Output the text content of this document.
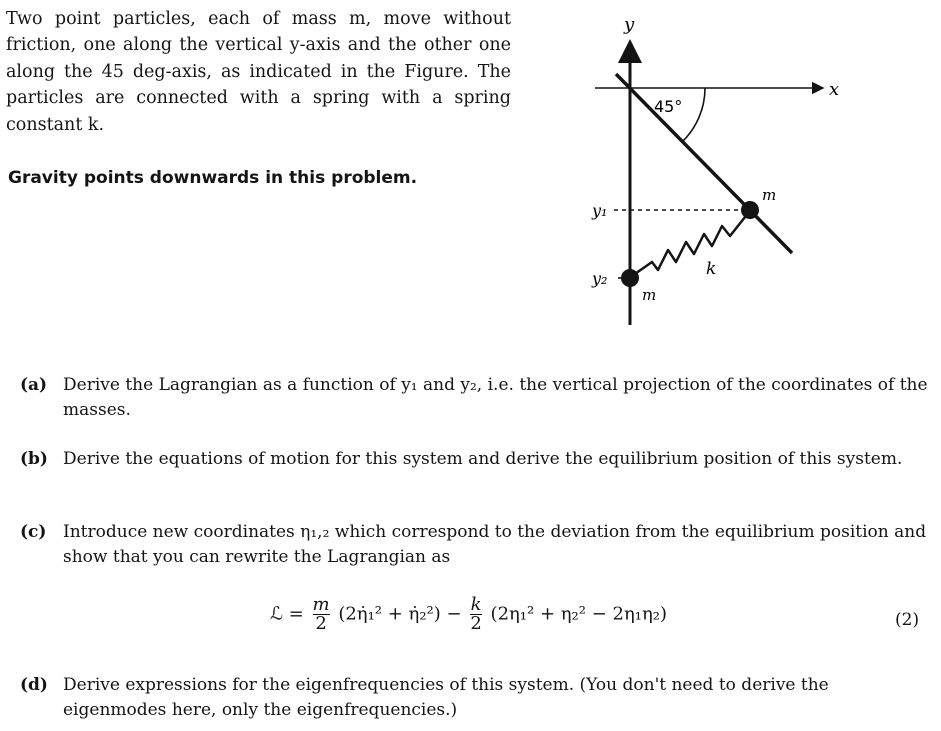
Two point particles, each of mass m, move without friction, one along the vertical y-axis and the other one along the 45 deg-axis, as indicated in the Figure. The particles are connected with a spring with a spring constant k.
Gravity points downwards in this problem.
y
x
45°
y₁
y₂	k
m
m
(a) Derive the Lagrangian as a function of y₁ and y₂, i.e. the vertical projection of the coordinates of the masses.
(b) Derive the equations of motion for this system and derive the equilibrium position of this system.
(c) Introduce new coordinates η₁,₂ which correspond to the deviation from the equilibrium position and show that you can rewrite the Lagrangian as
ℒ = $\frac{m}{2}$ (2η̇₁² + η̇₂²) − $\frac{k}{2} (2\eta_1^2 + \eta_2^2 - 2\eta_1\eta_2)$	(2)
(d) Derive expressions for the eigenfrequencies of this system. (You don't need to derive the eigenmodes here, only the eigenfrequencies.)
